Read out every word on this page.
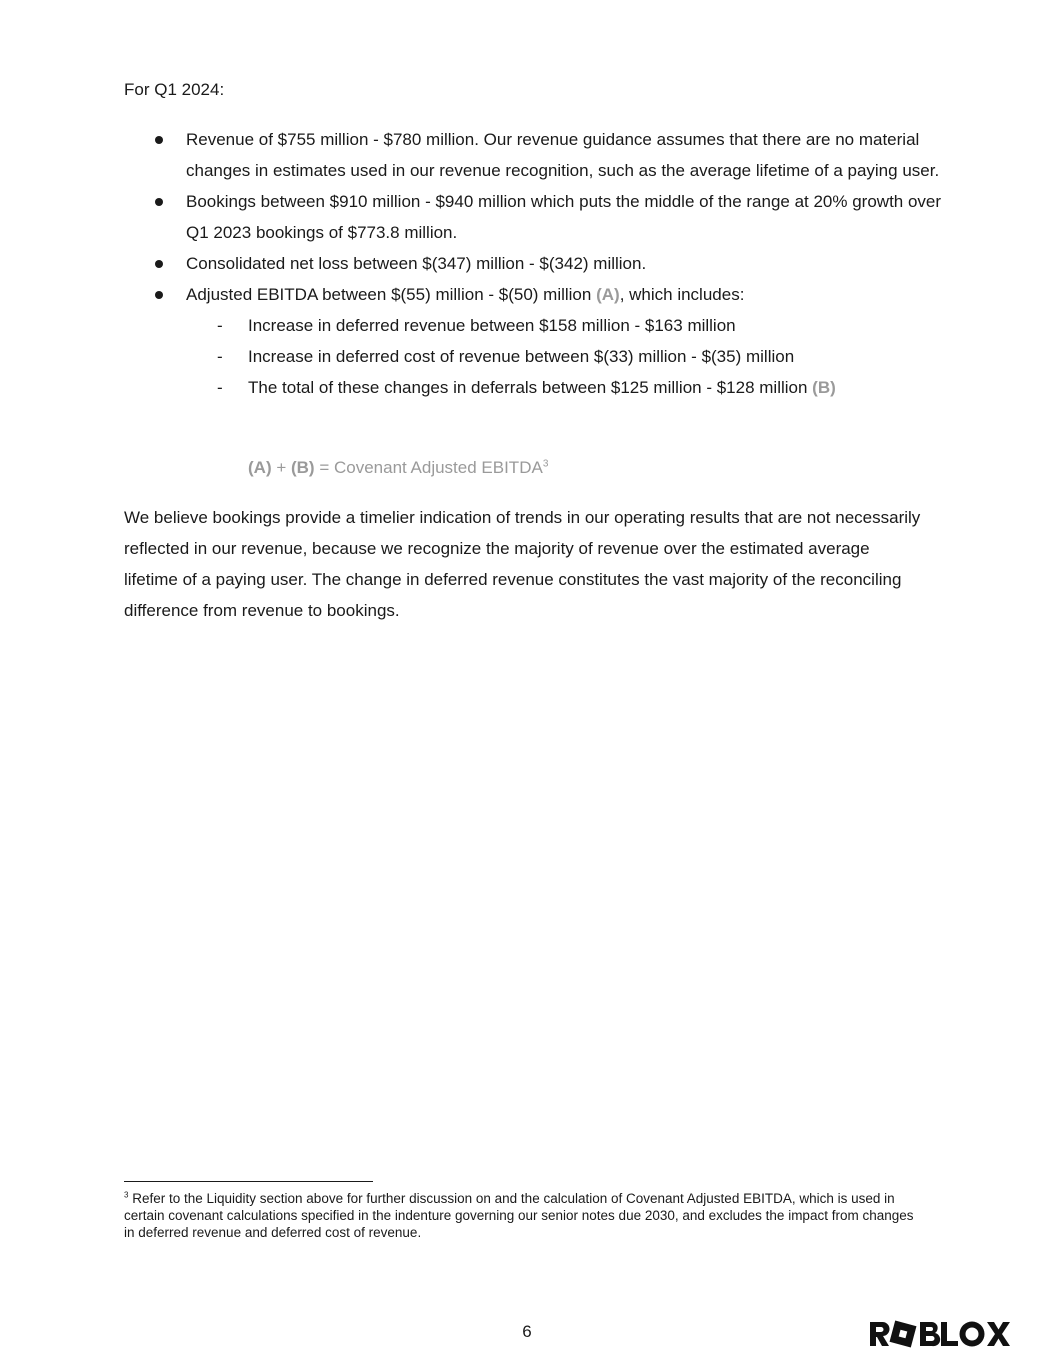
For Q1 2024:
Revenue of $755 million - $780 million. Our revenue guidance assumes that there are no material changes in estimates used in our revenue recognition, such as the average lifetime of a paying user.
Bookings between $910 million - $940 million which puts the middle of the range at 20% growth over Q1 2023 bookings of $773.8 million.
Consolidated net loss between $(347) million - $(342) million.
Adjusted EBITDA between $(55) million - $(50) million (A), which includes:
- Increase in deferred revenue between $158 million - $163 million
- Increase in deferred cost of revenue between $(33) million - $(35) million
- The total of these changes in deferrals between $125 million - $128 million (B)
(A) + (B) = Covenant Adjusted EBITDA$^3$

We believe bookings provide a timelier indication of trends in our operating results that are not necessarily reflected in our revenue, because we recognize the majority of revenue over the estimated average lifetime of a paying user. The change in deferred revenue constitutes the vast majority of the reconciling difference from revenue to bookings.

$^3$ Refer to the Liquidity section above for further discussion on and the calculation of Covenant Adjusted EBITDA, which is used in certain covenant calculations specified in the indenture governing our senior notes due 2030, and excludes the impact from changes in deferred revenue and deferred cost of revenue.

6
